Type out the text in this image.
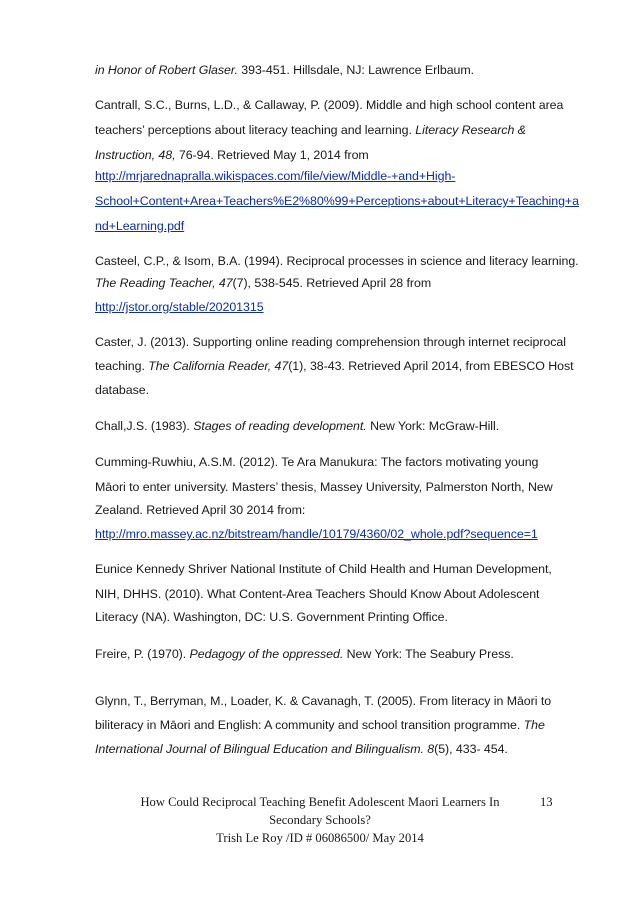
in Honor of Robert Glaser. 393-451. Hillsdale, NJ: Lawrence Erlbaum.
Cantrall, S.C., Burns, L.D., & Callaway, P. (2009). Middle and high school content area
teachers’ perceptions about literacy teaching and learning. Literacy Research &
Instruction, 48, 76-94. Retrieved May 1, 2014 from
http://mrjarednapralla.wikispaces.com/file/view/Middle-+and+High-
School+Content+Area+Teachers%E2%80%99+Perceptions+about+Literacy+Teaching+a
nd+Learning.pdf
Casteel, C.P., & Isom, B.A. (1994). Reciprocal processes in science and literacy learning.
The Reading Teacher, 47(7), 538-545. Retrieved April 28 from
http://jstor.org/stable/20201315
Caster, J. (2013). Supporting online reading comprehension through internet reciprocal
teaching. The California Reader, 47(1), 38-43. Retrieved April 2014, from EBESCO Host
database.
Chall,J.S. (1983). Stages of reading development. New York: McGraw-Hill.
Cumming-Ruwhiu, A.S.M. (2012). Te Ara Manukura: The factors motivating young
Māori to enter university. Masters’ thesis, Massey University, Palmerston North, New
Zealand. Retrieved April 30 2014 from:
http://mro.massey.ac.nz/bitstream/handle/10179/4360/02_whole.pdf?sequence=1
Eunice Kennedy Shriver National Institute of Child Health and Human Development,
NIH, DHHS. (2010). What Content-Area Teachers Should Know About Adolescent
Literacy (NA). Washington, DC: U.S. Government Printing Office.
Freire, P. (1970). Pedagogy of the oppressed. New York: The Seabury Press.
Glynn, T., Berryman, M., Loader, K. & Cavanagh, T. (2005). From literacy in Māori to
biliteracy in Māori and English: A community and school transition programme. The
International Journal of Bilingual Education and Bilingualism. 8(5), 433- 454.
How Could Reciprocal Teaching Benefit Adolescent Maori Learners In
Secondary Schools?
Trish Le Roy /ID # 06086500/ May 2014
13
